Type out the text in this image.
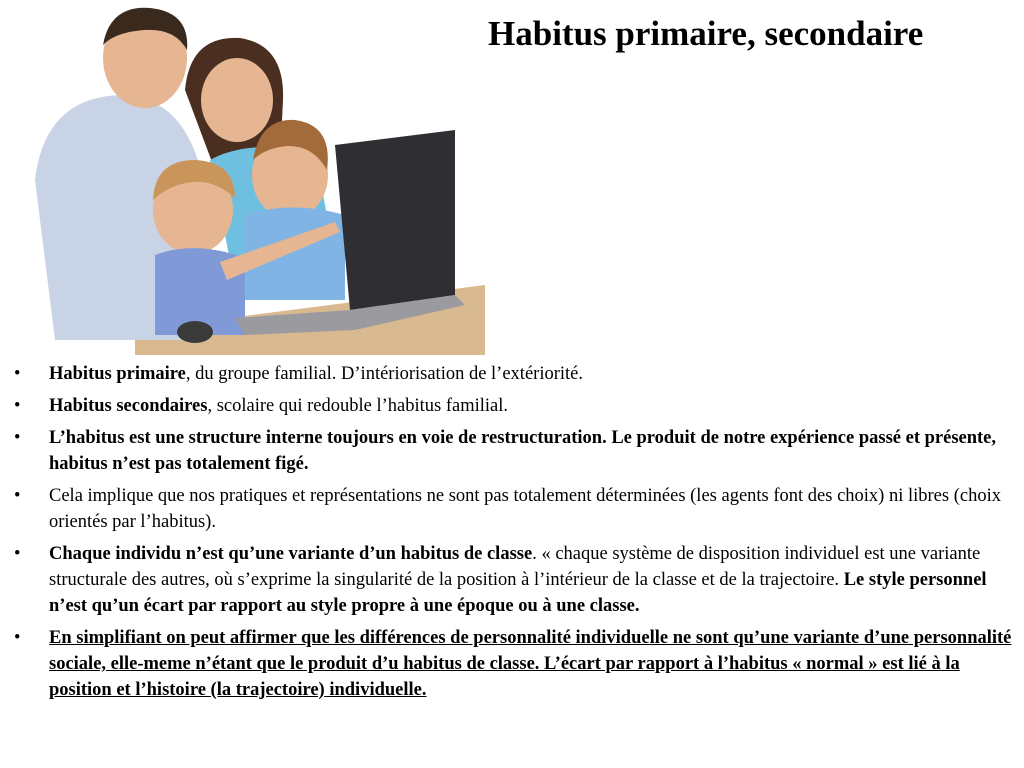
Habitus primaire, secondaire
• Habitus primaire, du groupe familial. D’intériorisation de l’extériorité.
• Habitus secondaires, scolaire qui redouble l’habitus familial.
• L’habitus est une structure interne toujours en voie de restructuration. Le produit de notre expérience passé et présente, habitus n’est pas totalement figé.
• Cela implique que nos pratiques et représentations ne sont pas totalement déterminées (les agents font des choix) ni libres (choix orientés par l’habitus).
• Chaque individu n’est qu’une variante d’un habitus de classe. « chaque système de disposition individuel est une variante structurale des autres, où s’exprime la singularité de la position à l’intérieur de la classe et de la trajectoire. Le style personnel n’est qu’un écart par rapport au style propre à une époque ou à une classe.
• En simplifiant on peut affirmer que les différences de personnalité individuelle ne sont qu’une variante d’une personnalité sociale, elle-meme n’étant que le produit d’u habitus de classe. L’écart par rapport à l’habitus « normal » est lié à la position et l’histoire (la trajectoire) individuelle.
